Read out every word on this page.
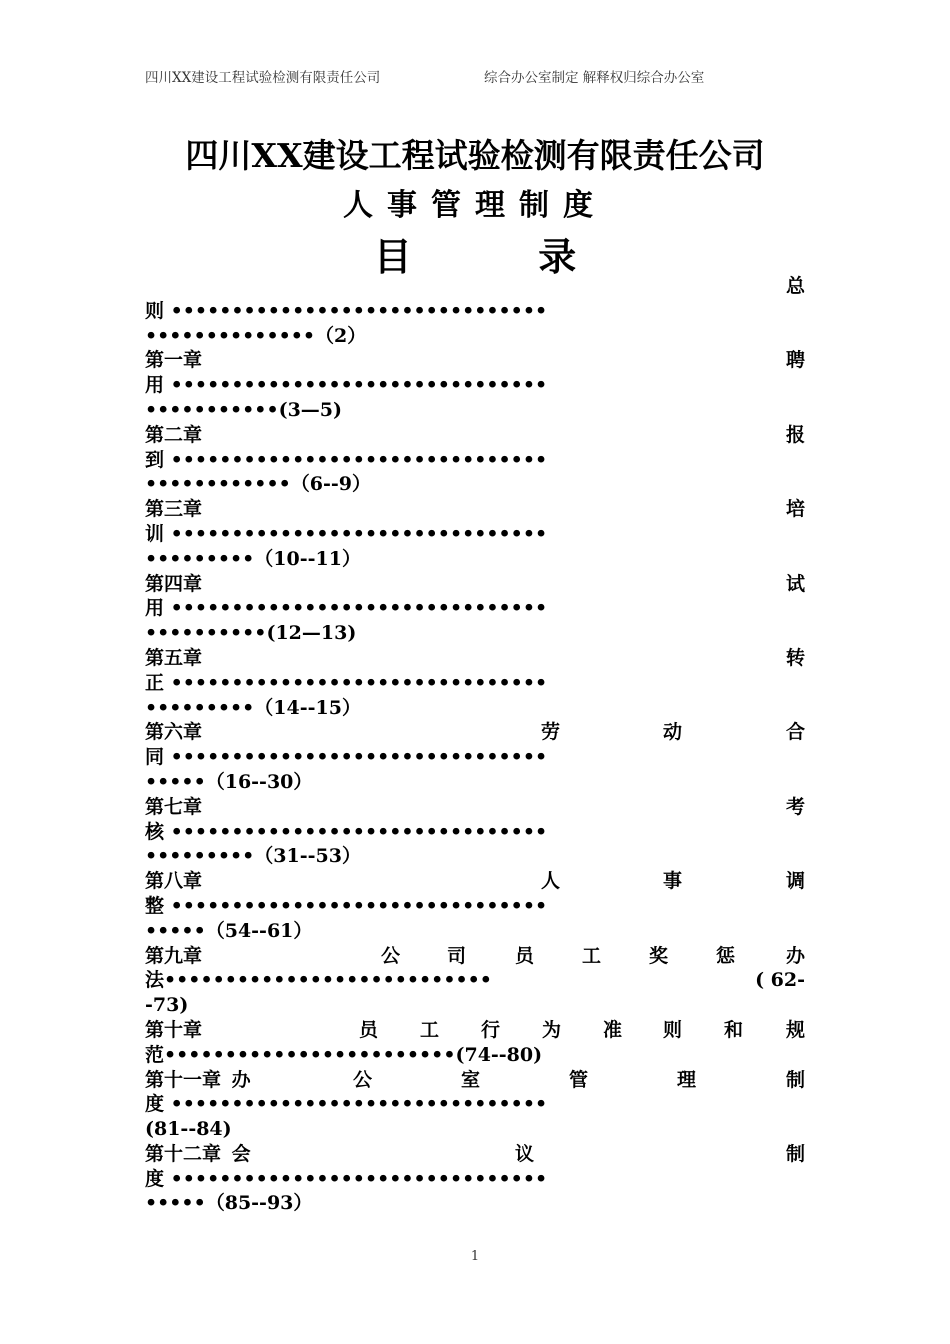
四川XX建设工程试验检测有限责任公司	综合办公室制定 解释权归综合办公室
四川XX建设工程试验检测有限责任公司
人事管理制度
目	录
总
则 •••••••••••••••••••••••••••••••
••••••••••••••（2）
第一章	聘
用 •••••••••••••••••••••••••••••••
•••••••••••(3—5)
第二章	报
到 •••••••••••••••••••••••••••••••
••••••••••••（6--9）
第三章	培
训 •••••••••••••••••••••••••••••••
•••••••••（10--11）
第四章	试
用 •••••••••••••••••••••••••••••••
••••••••••(12—13)
第五章	转
正 •••••••••••••••••••••••••••••••
•••••••••（14--15）
第六章	劳	动	合
同 •••••••••••••••••••••••••••••••
•••••（16--30）
第七章	考
核 •••••••••••••••••••••••••••••••
•••••••••（31--53）
第八章	人	事	调
整 •••••••••••••••••••••••••••••••
•••••（54--61）
第九章	公 司	员	工	奖	惩	办
法•••••••••••••••••••••••••••	( 62-
-73)
第十章	员 工 行 为 准 则 和 规
范••••••••••••••••••••••••(74--80)
第十一章 办	公	室	管	理	制
度 •••••••••••••••••••••••••••••••
(81--84)
第十二章 会	议	制
度 •••••••••••••••••••••••••••••••
•••••（85--93）
1
